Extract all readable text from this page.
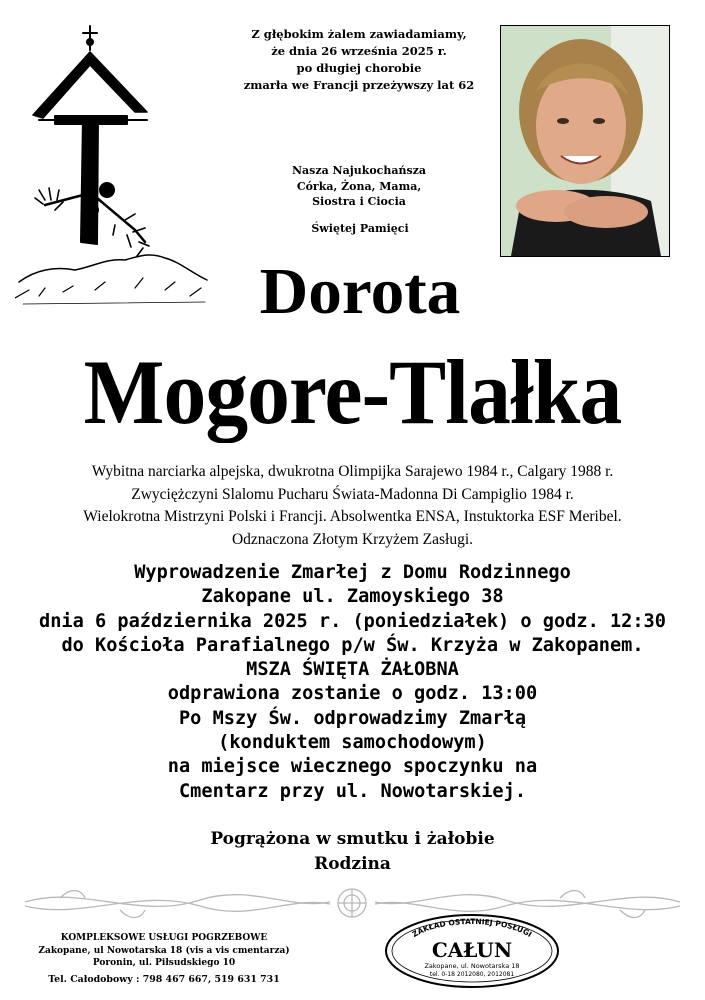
Z głębokim żalem zawiadamiamy,
że dnia 26 września 2025 r.
po długiej chorobie
zmarła we Francji przeżywszy lat 62
Nasza Najukochańsza
Córka, Żona, Mama,
Siostra i Ciocia
Świętej Pamięci
Dorota
Mogore-Tlałka
Wybitna narciarka alpejska, dwukrotna Olimpijka Sarajewo 1984 r., Calgary 1988 r.
Zwyciężczyni Slalomu Pucharu Świata-Madonna Di Campiglio 1984 r.
Wielokrotna Mistrzyni Polski i Francji. Absolwentka ENSA, Instuktorka ESF Meribel.
Odznaczona Złotym Krzyżem Zasługi.
Wyprowadzenie Zmarłej z Domu Rodzinnego
Zakopane ul. Zamoyskiego 38
dnia 6 października 2025 r. (poniedziałek) o godz. 12:30
do Kościoła Parafialnego p/w Św. Krzyża w Zakopanem.
MSZA ŚWIĘTA ŻAŁOBNA
odprawiona zostanie o godz. 13:00
Po Mszy Św. odprowadzimy Zmarłą
(konduktem samochodowym)
na miejsce wiecznego spoczynku na
Cmentarz przy ul. Nowotarskiej.
Pogrążona w smutku i żałobie
Rodzina
KOMPLEKSOWE USŁUGI POGRZEBOWE
Zakopane, ul Nowotarska 18 (vis a vis cmentarza)
Poronin, ul. Piłsudskiego 10
Tel. Całodobowy : 798 467 667, 519 631 731
ZAKŁAD OSTATNIEJ POSŁUGI
CAŁUN
Zakopane, ul. Nowotarska 18
tel. 0-18 2012080, 2012081
